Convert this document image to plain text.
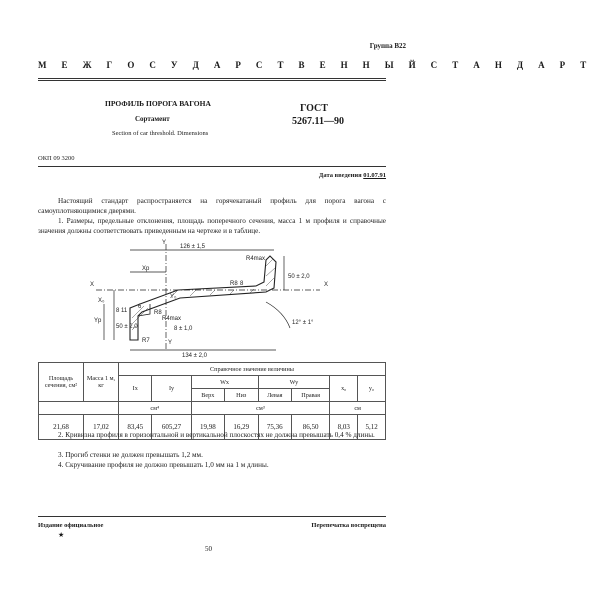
Группа В22
М Е Ж Г О С У Д А Р С Т В Е Н Н Ы Й С Т А Н Д А Р Т
ПРОФИЛЬ ПОРОГА ВАГОНА
Сортамент
Section of car threshold. Dimensions
ГОСТ
5267.11—90
ОКП 09 3200
Дата введения 01.07.91
Настоящий стандарт распространяется на горячекатаный профиль для порога вагона с самоуплотняющимися дверями.
1. Размеры, предельные отклонения, площадь поперечного сечения, масса 1 м профиля и справочные значения должны соответствовать приведенным на чертеже и в таблице.
126 ± 1,5
Xр
R8
R4max
50 ± 2,0
50 ± 2,0
Yр
8 ± 1,0
R8
R7
R4max
8 11
6
8
134 ± 2,0
12° ± 1°
X	X
Y
Y
Y₀
X₀
Площадь сечения, см²	Масса 1 м, кг	Справочное значение величины							
		Ix	Iy	Wx		Wy		x₀	y₀
				Верх	Низ	Левая	Правая		
		см⁴		см³				см	
21,68	17,02	83,45	605,27	19,98	16,29	75,36	86,50	8,03	5,12
2. Кривизна профиля в горизонтальной и вертикальной плоскостях не должна превышать 0,4 % длины.
3. Прогиб стенки не должен превышать 1,2 мм.
4. Скручивание профиля не должно превышать 1,0 мм на 1 м длины.
Издание официальное
★
Перепечатка воспрещена
50
